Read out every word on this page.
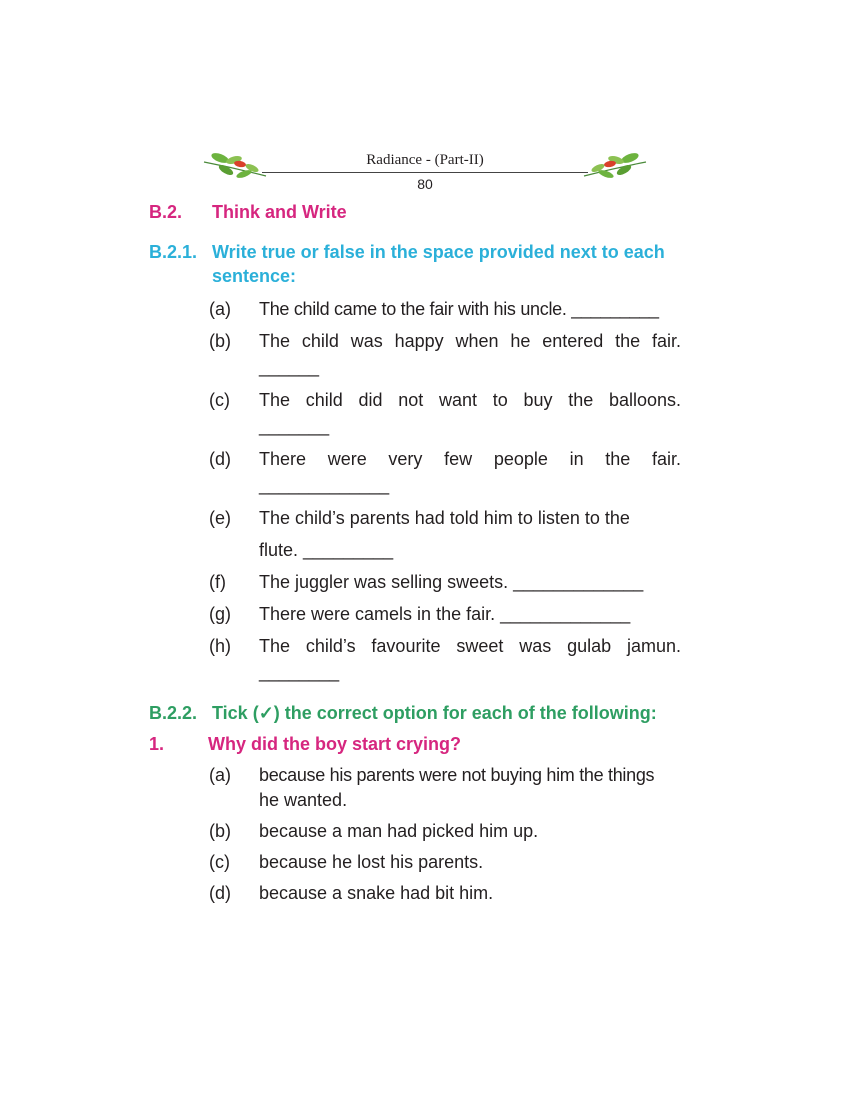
Radiance - (Part-II)
80
B.2. Think and Write
B.2.1. Write true or false in the space provided next to each
sentence:
(a) The child came to the fair with his uncle. _________
(b) The child was happy when he entered the fair.
______
(c) The child did not want to buy the balloons.
_______
(d) There were very few people in the fair.
_____________
(e) The child’s parents had told him to listen to the
flute. _________
(f) The juggler was selling sweets. _____________
(g) There were camels in the fair. _____________
(h) The child’s favourite sweet was gulab jamun.
________
B.2.2. Tick (✓) the correct option for each of the following:
1. Why did the boy start crying?
(a) because his parents were not buying him the things
he wanted.
(b) because a man had picked him up.
(c) because he lost his parents.
(d) because a snake had bit him.
